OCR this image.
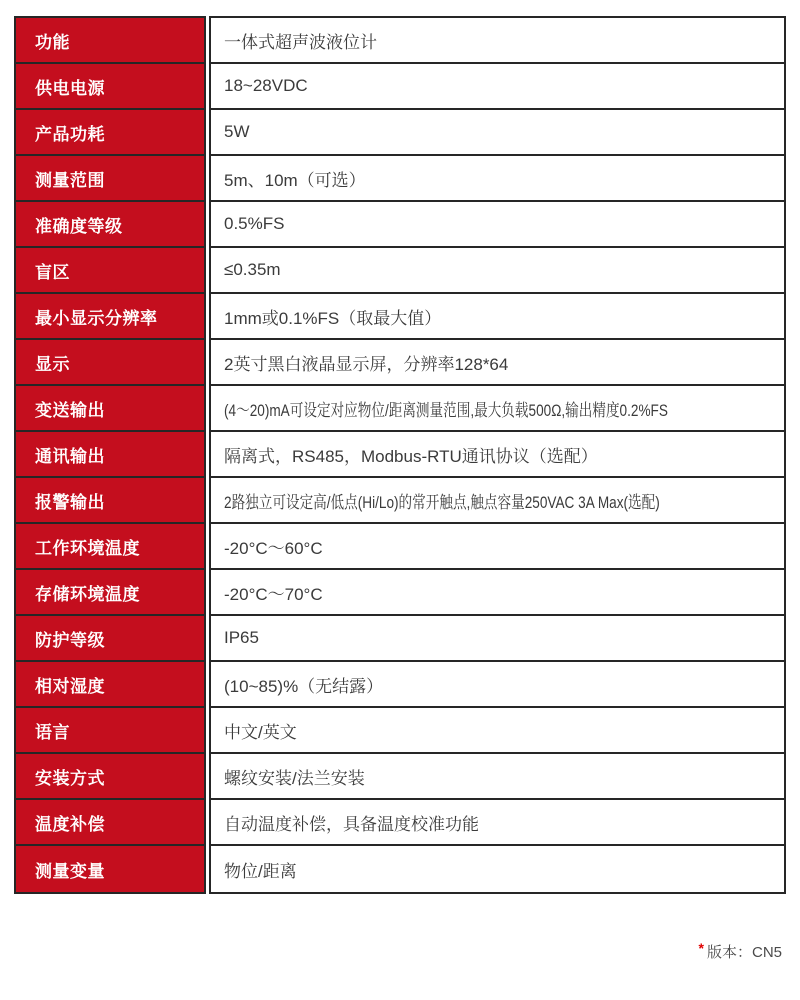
功能
供电电源
产品功耗
测量范围
准确度等级
盲区
最小显示分辨率
显示
变送输出
通讯输出
报警输出
工作环境温度
存储环境温度
防护等级
相对湿度
语言
安装方式
温度补偿
测量变量
一体式超声波液位计
18~28VDC
5W
5m、10m（可选）
0.5%FS
≤0.35m
1mm或0.1%FS（取最大值）
2英寸黑白液晶显示屏，分辨率128*64
(4～20)mA可设定对应物位/距离测量范围,最大负载500Ω,输出精度0.2%FS
隔离式，RS485，Modbus-RTU通讯协议（选配）
2路独立可设定高/低点(Hi/Lo)的常开触点,触点容量250VAC 3A Max(选配)
-20°C～60°C
-20°C～70°C
IP65
(10~85)%（无结露）
中文/英文
螺纹安装/法兰安装
自动温度补偿，具备温度校准功能
物位/距离
* 版本：CN5
